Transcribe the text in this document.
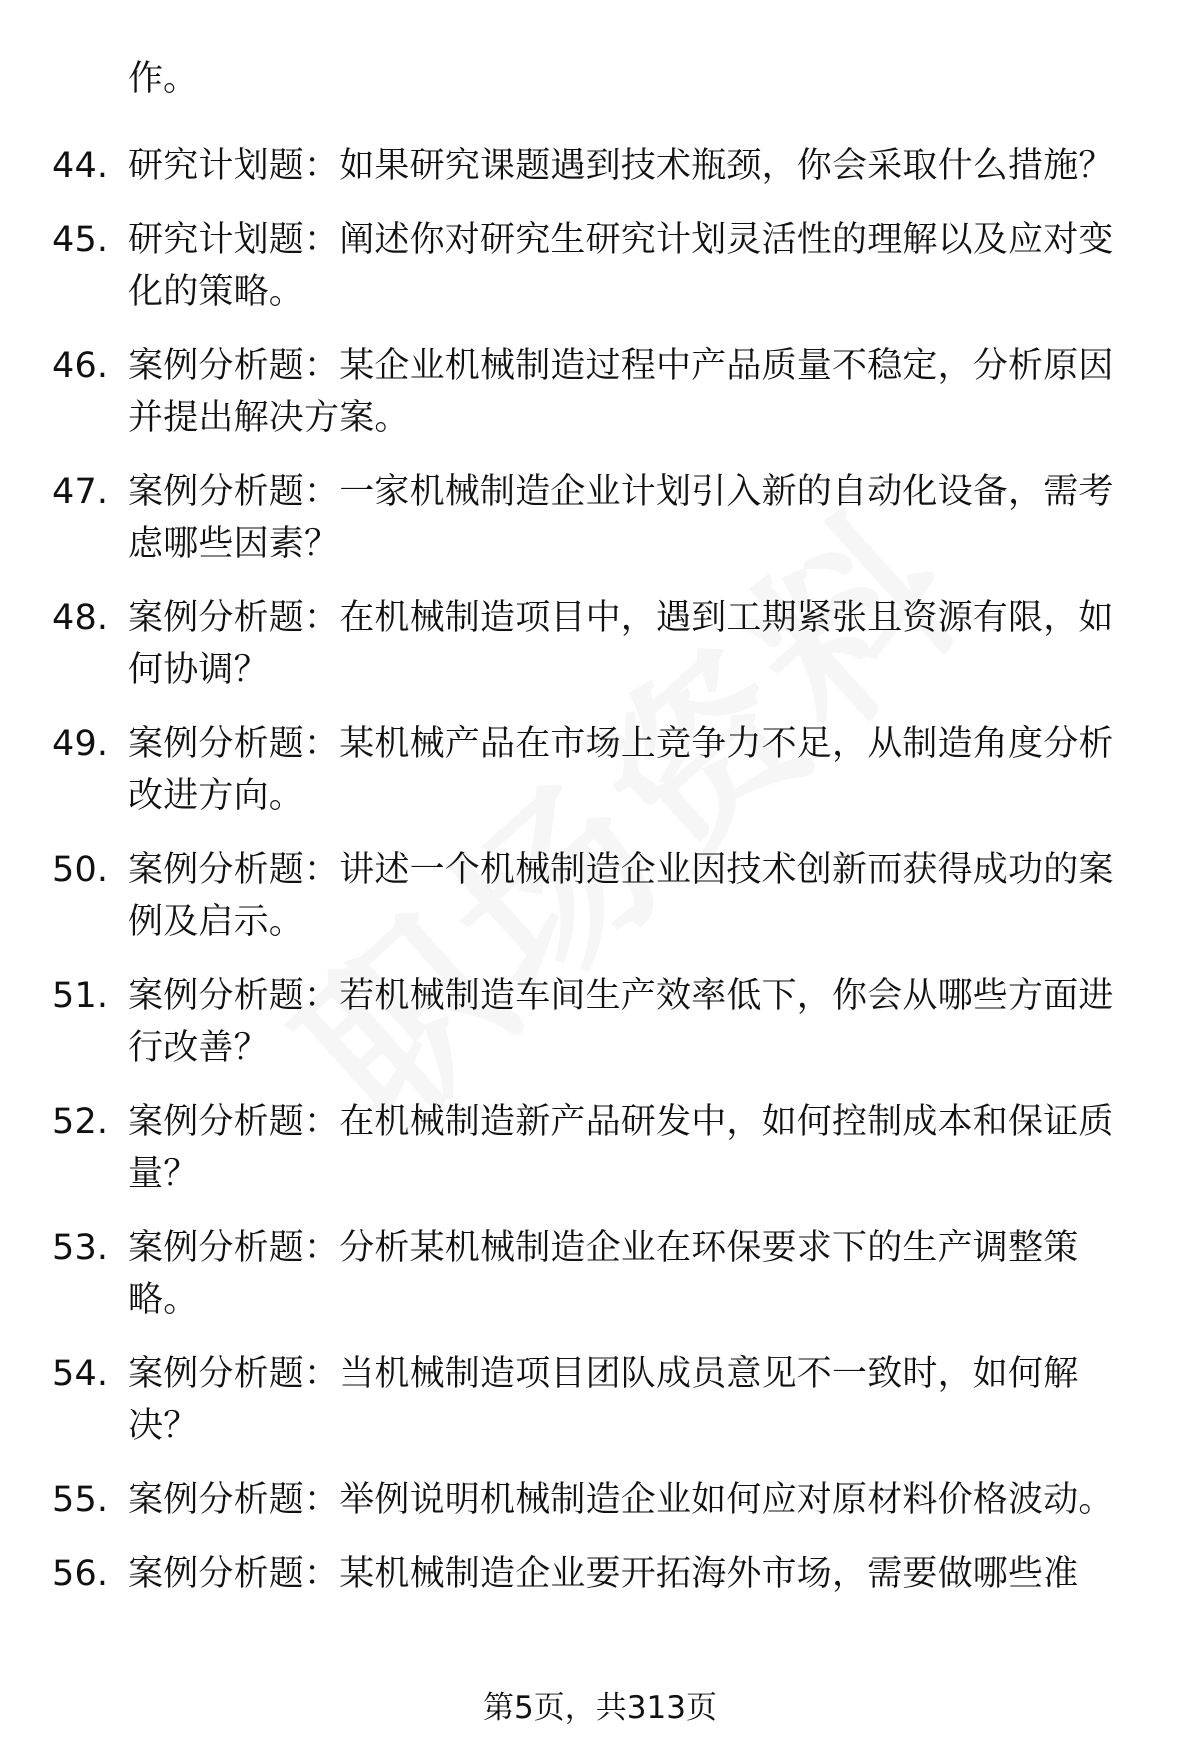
作。

44. 研究计划题：如果研究课题遇到技术瓶颈，你会采取什么措施？
45. 研究计划题：阐述你对研究生研究计划灵活性的理解以及应对变化的策略。
46. 案例分析题：某企业机械制造过程中产品质量不稳定，分析原因并提出解决方案。
47. 案例分析题：一家机械制造企业计划引入新的自动化设备，需考虑哪些因素？
48. 案例分析题：在机械制造项目中，遇到工期紧张且资源有限，如何协调？
49. 案例分析题：某机械产品在市场上竞争力不足，从制造角度分析改进方向。
50. 案例分析题：讲述一个机械制造企业因技术创新而获得成功的案例及启示。
51. 案例分析题：若机械制造车间生产效率低下，你会从哪些方面进行改善？
52. 案例分析题：在机械制造新产品研发中，如何控制成本和保证质量？
53. 案例分析题：分析某机械制造企业在环保要求下的生产调整策略。
54. 案例分析题：当机械制造项目团队成员意见不一致时，如何解决？
55. 案例分析题：举例说明机械制造企业如何应对原材料价格波动。
56. 案例分析题：某机械制造企业要开拓海外市场，需要做哪些准
第5页，共313页
